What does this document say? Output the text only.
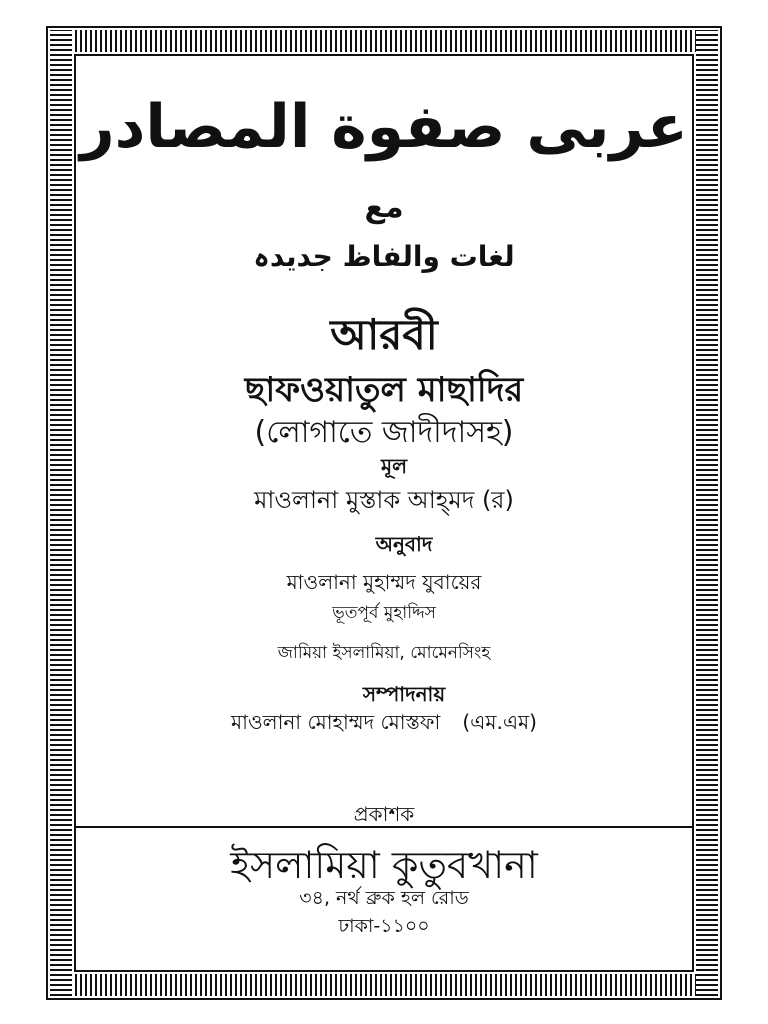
عربی صفوة المصادر
مع
لغات والفاظ جدیدہ
আরবী
ছাফওয়াতুল মাছাদির
(লোগাতে জাদীদাসহ)
মূল
মাওলানা মুস্তাক আহ্‌মদ (র)
অনুবাদ
মাওলানা মুহাম্মদ যুবায়ের
ভূতপূর্ব মুহাদ্দিস
জামিয়া ইসলামিয়া, মোমেনসিংহ
সম্পাদনায়
মাওলানা মোহাম্মদ মোস্তফা (এম.এম)
প্রকাশক
ইসলামিয়া কুতুবখানা
৩৪, নর্থ ব্রুক হল রোড
ঢাকা-১১০০
